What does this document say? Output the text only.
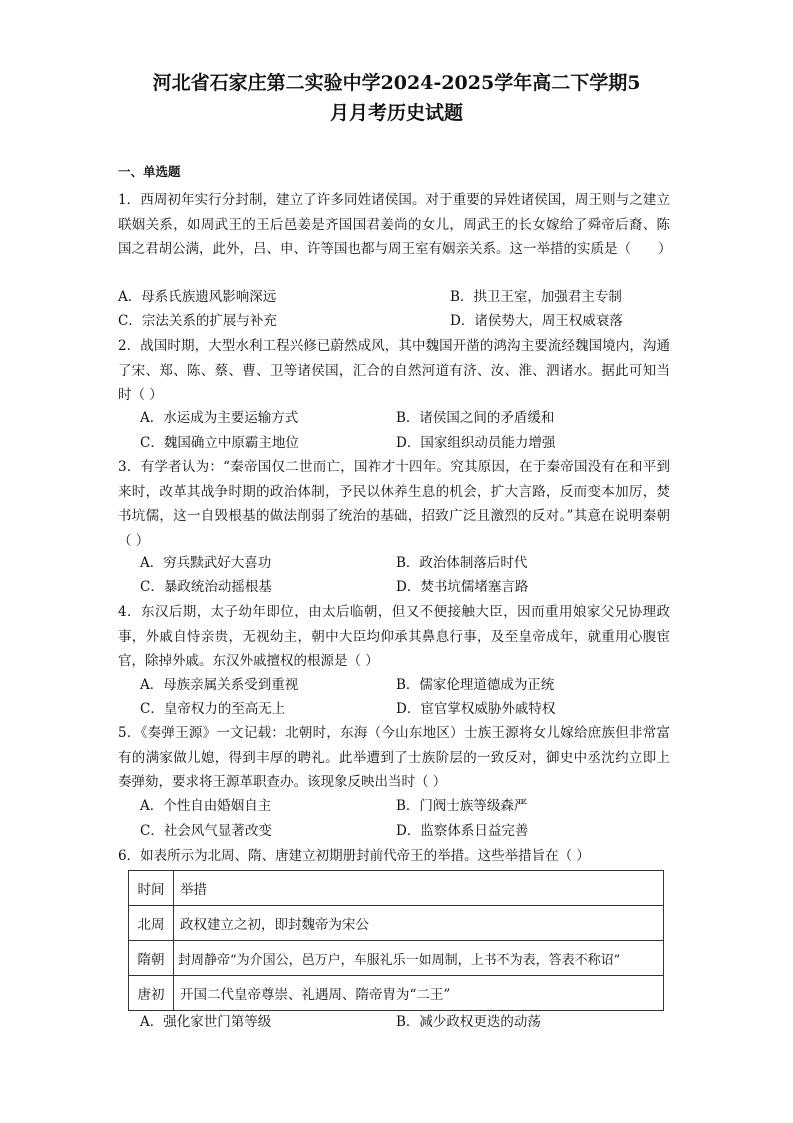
河北省石家庄第二实验中学2024-2025学年高二下学期5
月月考历史试题
一、单选题
1．西周初年实行分封制，建立了许多同姓诸侯国。对于重要的异姓诸侯国，周王则与之建立联姻关系，如周武王的王后邑姜是齐国国君姜尚的女儿，周武王的长女嫁给了舜帝后裔、陈国之君胡公满，此外，吕、申、许等国也都与周王室有姻亲关系。这一举措的实质是（　　）
A．母系氏族遗风影响深远	B．拱卫王室，加强君主专制
C．宗法关系的扩展与补充	D．诸侯势大，周王权威衰落
2．战国时期，大型水利工程兴修已蔚然成风，其中魏国开凿的鸿沟主要流经魏国境内，沟通了宋、郑、陈、蔡、曹、卫等诸侯国，汇合的自然河道有济、汝、淮、泗诸水。据此可知当时（ ）
A．水运成为主要运输方式	B．诸侯国之间的矛盾缓和
C．魏国确立中原霸主地位	D．国家组织动员能力增强
3．有学者认为：“秦帝国仅二世而亡，国祚才十四年。究其原因，在于秦帝国没有在和平到来时，改革其战争时期的政治体制，予民以休养生息的机会，扩大言路，反而变本加厉，焚书坑儒，这一自毁根基的做法削弱了统治的基础，招致广泛且激烈的反对。”其意在说明秦朝（ ）
A．穷兵黩武好大喜功	B．政治体制落后时代
C．暴政统治动摇根基	D．焚书坑儒堵塞言路
4．东汉后期，太子幼年即位，由太后临朝，但又不便接触大臣，因而重用娘家父兄协理政事，外戚自恃亲贵，无视幼主，朝中大臣均仰承其鼻息行事，及至皇帝成年，就重用心腹宦官，除掉外戚。东汉外戚擅权的根源是（ ）
A．母族亲属关系受到重视	B．儒家伦理道德成为正统
C．皇帝权力的至高无上	D．宦官掌权威胁外戚特权
5．《奏弹王源》一文记载：北朝时，东海（今山东地区）士族王源将女儿嫁给庶族但非常富有的满家做儿媳，得到丰厚的聘礼。此举遭到了士族阶层的一致反对，御史中丞沈约立即上奏弹劾，要求将王源革职查办。该现象反映出当时（ ）
A．个性自由婚姻自主	B．门阀士族等级森严
C．社会风气显著改变	D．监察体系日益完善
6．如表所示为北周、隋、唐建立初期册封前代帝王的举措。这些举措旨在（ ）
时间	举措
北周	政权建立之初，即封魏帝为宋公
隋朝	封周静帝“为介国公，邑万户，车服礼乐一如周制，上书不为表，答表不称诏”
唐初	开国二代皇帝尊崇、礼遇周、隋帝胄为“二王”
A．强化家世门第等级	B．减少政权更迭的动荡
